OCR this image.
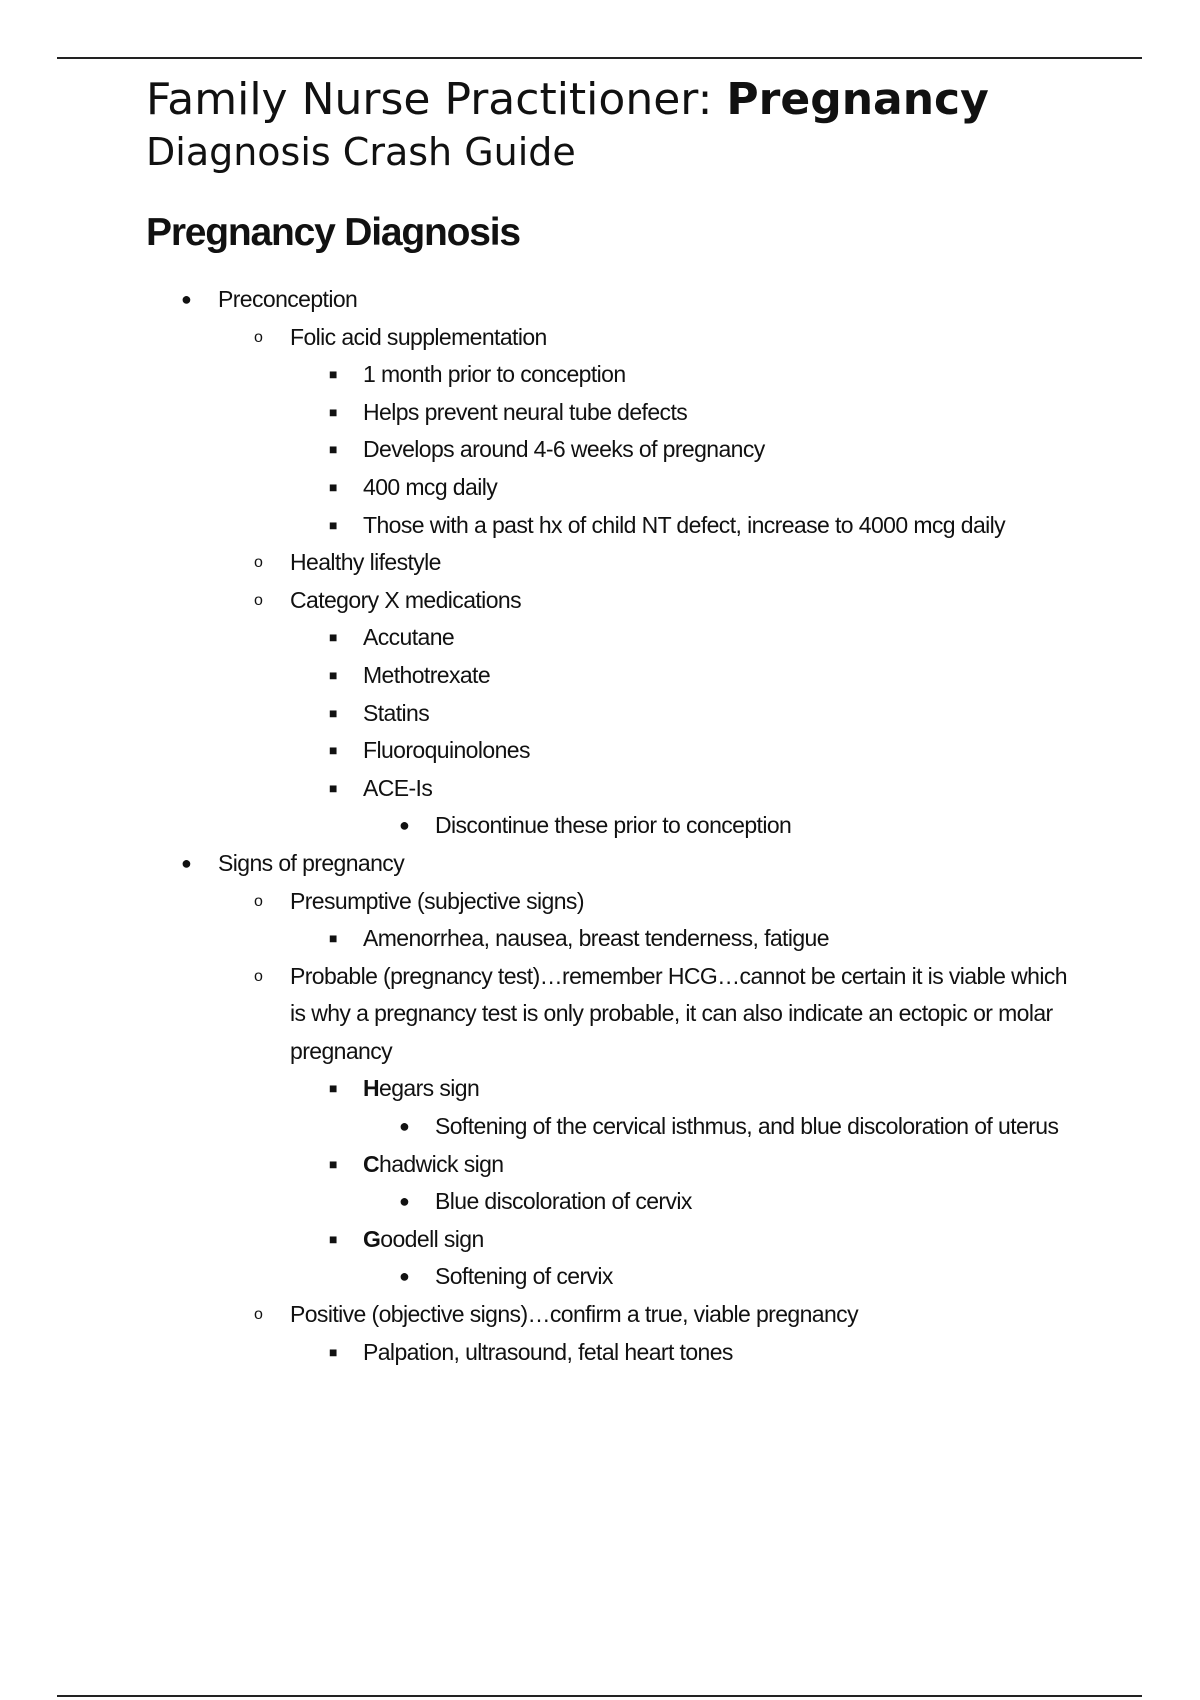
Family Nurse Practitioner: Pregnancy
Diagnosis Crash Guide
Pregnancy Diagnosis
● Preconception
o Folic acid supplementation
■ 1 month prior to conception
■ Helps prevent neural tube defects
■ Develops around 4-6 weeks of pregnancy
■ 400 mcg daily
■ Those with a past hx of child NT defect, increase to 4000 mcg daily
o Healthy lifestyle
o Category X medications
■ Accutane
■ Methotrexate
■ Statins
■ Fluoroquinolones
■ ACE-Is
● Discontinue these prior to conception
● Signs of pregnancy
o Presumptive (subjective signs)
■ Amenorrhea, nausea, breast tenderness, fatigue
o Probable (pregnancy test)…remember HCG…cannot be certain it is viable which is why a pregnancy test is only probable, it can also indicate an ectopic or molar pregnancy
■ Hegars sign
● Softening of the cervical isthmus, and blue discoloration of uterus
■ Chadwick sign
● Blue discoloration of cervix
■ Goodell sign
● Softening of cervix
o Positive (objective signs)…confirm a true, viable pregnancy
■ Palpation, ultrasound, fetal heart tones
